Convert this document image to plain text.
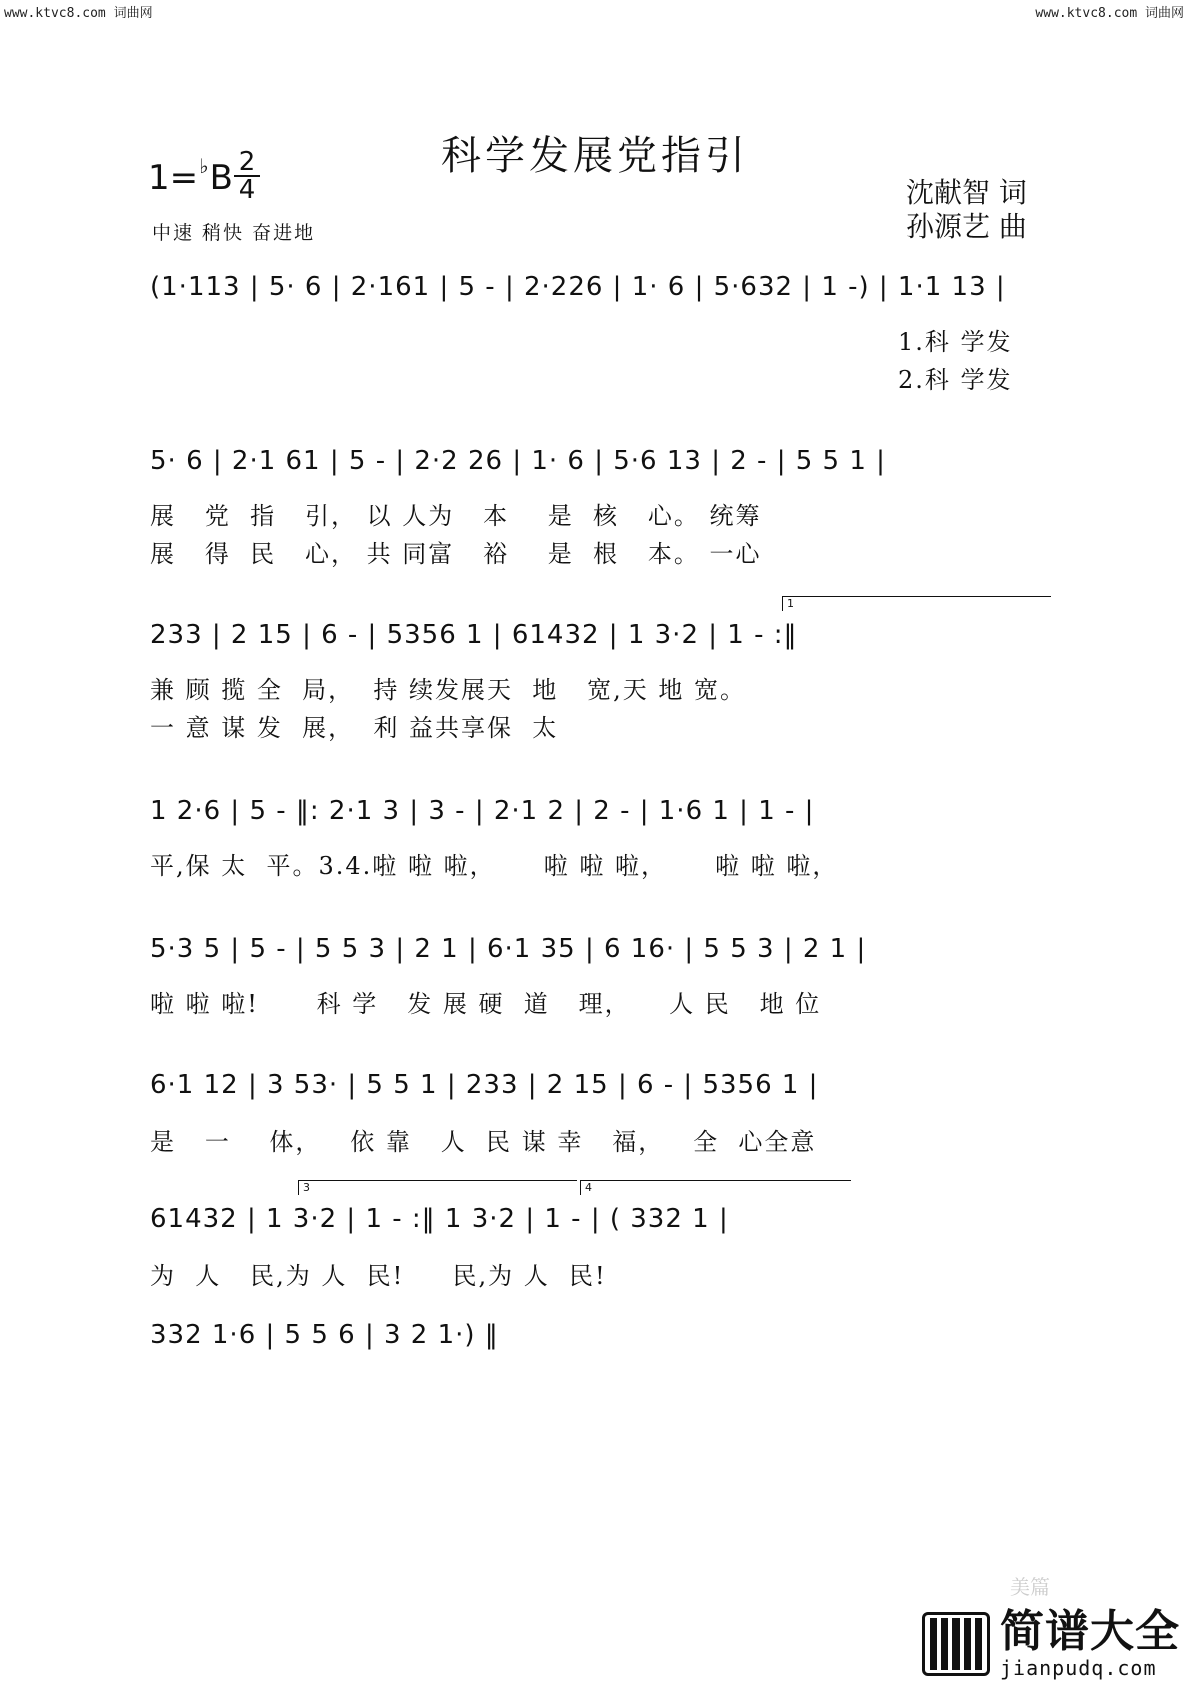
www.ktvc8.com 词曲网	www.ktvc8.com 词曲网
科学发展党指引
1=♭B 2
4
中速 稍快 奋进地
沈献智 词
孙源艺 曲
(1·113 | 5· 6 | 2·161 | 5 - | 2·226 | 1· 6 | 5·632 | 1 -) | 1·1 13 |
1.科 学发
2.科 学发
5· 6 | 2·1 61 | 5 - | 2·2 26 | 1· 6 | 5·6 13 | 2 - | 5 5 1 |
展   党  指   引， 以 人为   本    是  核   心。 统筹
展   得  民   心， 共 同富   裕    是  根   本。 一心
1
233 | 2 15 | 6 - | 5356 1 | 61432 | 1 3·2 | 1 - :‖
兼 顾 揽 全  局，  持 续发展天  地   宽,天 地 宽。
一 意 谋 发  展，  利 益共享保  太
1 2·6 | 5 - ‖: 2·1 3 | 3 - | 2·1 2 | 2 - | 1·6 1 | 1 - |
平,保 太  平。3.4.啦 啦 啦，     啦 啦 啦，     啦 啦 啦，
5·3 5 | 5 - | 5 5 3 | 2 1 | 6·1 35 | 6 16· | 5 5 3 | 2 1 |
啦 啦 啦!      科 学   发 展 硬  道   理，    人 民   地 位
6·1 12 | 3 53· | 5 5 1 | 233 | 2 15 | 6 - | 5356 1 |
是   一    体，   依 靠   人  民 谋 幸   福，   全  心全意
3	4
61432 | 1 3·2 | 1 - :‖ 1 3·2 | 1 - | ( 332 1 |
为  人   民,为 人  民!     民,为 人  民!
332 1·6 | 5 5 6 | 3 2 1·) ‖
美篇
简谱大全
jianpudq.com
